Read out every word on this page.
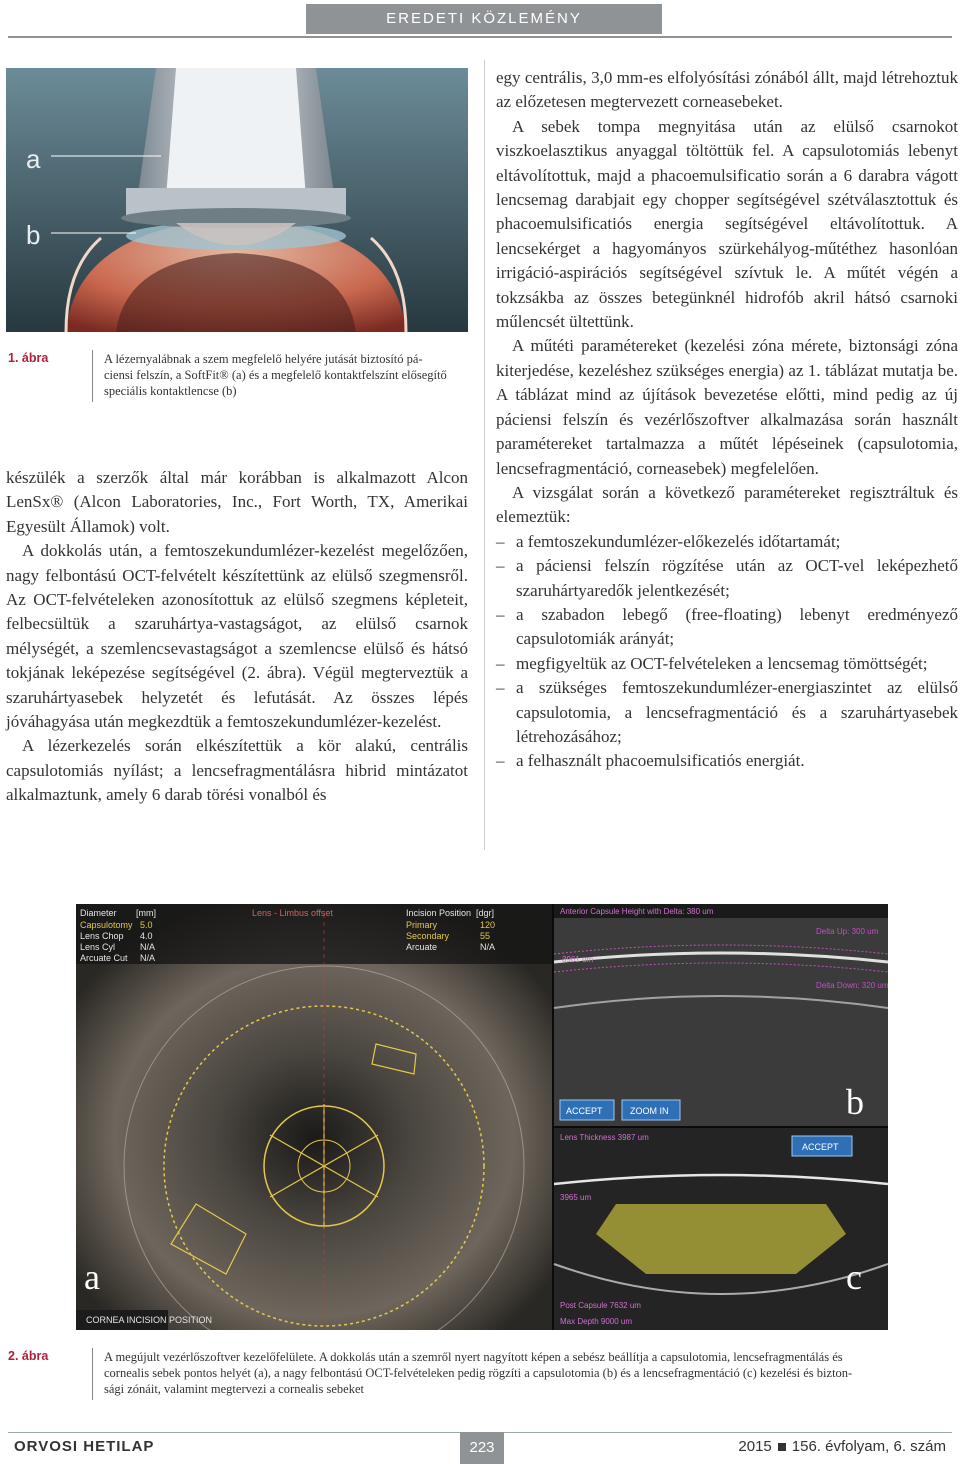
EREDETI KÖZLEMÉNY
a
b
1. ábra	A lézernyalábnak a szem megfelelő helyére jutását biztosító pá-
ciensi felszín, a SoftFit® (a) és a megfelelő kontaktfelszínt elősegítő
speciális kontaktlencse (b)

készülék a szerzők által már korábban is alkalmazott Alcon LenSx® (Alcon Laboratories, Inc., Fort Worth, TX, Amerikai Egyesült Államok) volt.

A dokkolás után, a femtoszekundumlézer-kezelést megelőzően, nagy felbontású OCT-felvételt készítettünk az elülső szegmensről. Az OCT-felvételeken azonosítottuk az elülső szegmens képleteit, felbecsültük a szaruhártya-vastagságot, az elülső csarnok mélységét, a szemlencsevastagságot a szemlencse elülső és hátsó tokjának leképezése segítségével (2. ábra). Végül megterveztük a szaruhártyasebek helyzetét és lefutását. Az összes lépés jóváhagyása után megkezdtük a femtoszekundumlézer-kezelést.

A lézerkezelés során elkészítettük a kör alakú, centrális capsulotomiás nyílást; a lencsefragmentálásra hibrid mintázatot alkalmaztunk, amely 6 darab törési vonalból és

egy centrális, 3,0 mm-es elfolyósítási zónából állt, majd létrehoztuk az előzetesen megtervezett corneasebeket.

A sebek tompa megnyitása után az elülső csarnokot viszkoelasztikus anyaggal töltöttük fel. A capsulotomiás lebenyt eltávolítottuk, majd a phacoemulsificatio során a 6 darabra vágott lencsemag darabjait egy chopper segítségével szétválasztottuk és phacoemulsificatiós energia segítségével eltávolítottuk. A lencsekérget a hagyományos szürkehályog-műtéthez hasonlóan irrigáció-aspirációs segítségével szívtuk le. A műtét végén a tokzsákba az összes betegünknél hidrofób akril hátsó csarnoki műlencsét ültettünk.

A műtéti paramétereket (kezelési zóna mérete, biztonsági zóna kiterjedése, kezeléshez szükséges energia) az 1. táblázat mutatja be. A táblázat mind az újítások bevezetése előtti, mind pedig az új páciensi felszín és vezérlőszoftver alkalmazása során használt paramétereket tartalmazza a műtét lépéseinek (capsulotomia, lencsefragmentáció, corneasebek) megfelelően.

A vizsgálat során a következő paramétereket regisztráltuk és elemeztük:

– a femtoszekundumlézer-előkezelés időtartamát;
– a páciensi felszín rögzítése után az OCT-vel leképezhető szaruhártyaredők jelentkezését;
– a szabadon lebegő (free-floating) lebenyt eredményező capsulotomiák arányát;
– megfigyeltük az OCT-felvételeken a lencsemag tömöttségét;
– a szükséges femtoszekundumlézer-energiaszintet az elülső capsulotomia, a lencsefragmentáció és a szaruhártyasebek létrehozásához;
– a felhasznált phacoemulsificatiós energiát.
CORNEA INCISION POSITION
a
Diameter [mm]
Capsulotomy 5.0
Lens Chop 4.0
Lens Cyl	N/A
Arcuate Cut N/A
Lens - Limbus offset	Incision Position [dgr]
Primary	120
Secondary	55
Arcuate	N/A
Anterior Capsule Height with Delta: 380 um
3961 um
Delta Up: 300 um
Delta Down: 320 um
ACCEPT	ZOOM IN	b
Lens Thickness 3987 um
ACCEPT
3965 um
Post Capsule 7632 um
Max Depth 9000 um
c
2. ábra	A megújult vezérlőszoftver kezelőfelülete. A dokkolás után a szemről nyert nagyított képen a sebész beállítja a capsulotomia, lencsefragmentálás és
cornealis sebek pontos helyét (a), a nagy felbontású OCT-felvételeken pedig rögzíti a capsulotomia (b) és a lencsefragmentáció (c) kezelési és bizton-
sági zónáit, valamint megtervezi a cornealis sebeket
ORVOSI HETILAP	223	2015 156. évfolyam, 6. szám
